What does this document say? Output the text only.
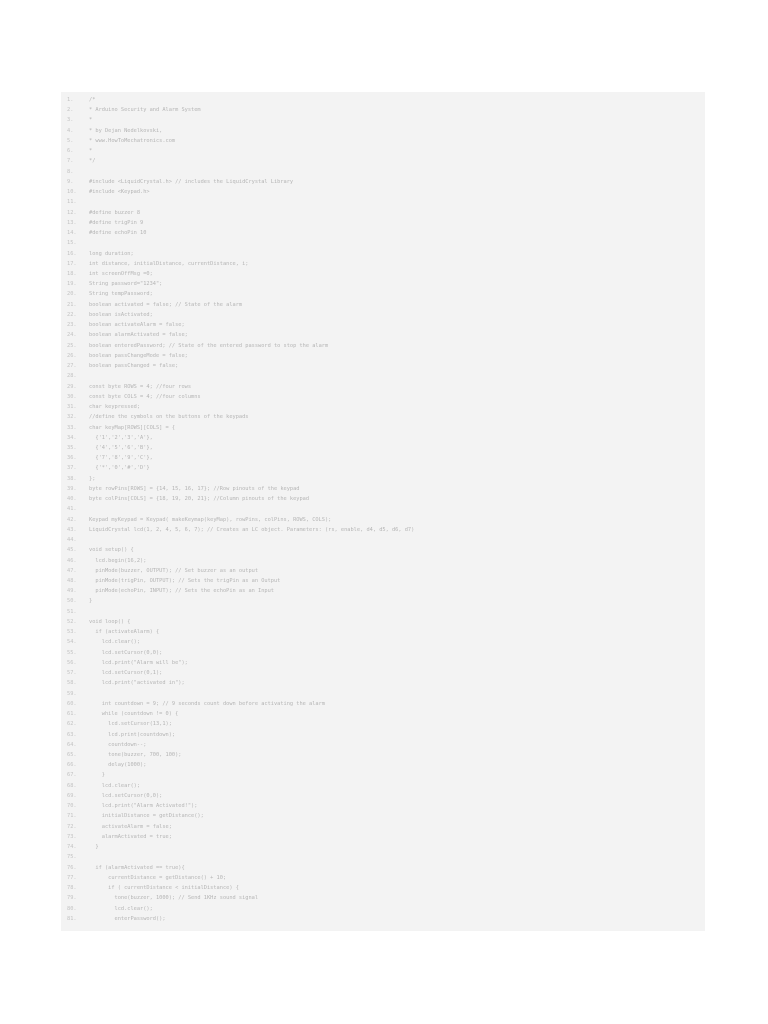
1.	/*
2.	* Arduino Security and Alarm System
3.	*
4.	* by Dejan Nedelkovski,
5.	* www.HowToMechatronics.com
6.	*
7.	*/
8.
9.	#include <LiquidCrystal.h> // includes the LiquidCrystal Library
10.	#include <Keypad.h>
11.
12.	#define buzzer 8
13.	#define trigPin 9
14.	#define echoPin 10
15.
16.	long duration;
17.	int distance, initialDistance, currentDistance, i;
18.	int screenOffMsg =0;
19.	String password="1234";
20.	String tempPassword;
21.	boolean activated = false; // State of the alarm
22.	boolean isActivated;
23.	boolean activateAlarm = false;
24.	boolean alarmActivated = false;
25.	boolean enteredPassword; // State of the entered password to stop the alarm
26.	boolean passChangeMode = false;
27.	boolean passChanged = false;
28.
29.	const byte ROWS = 4; //four rows
30.	const byte COLS = 4; //four columns
31.	char keypressed;
32.	//define the cymbols on the buttons of the keypads
33.	char keyMap[ROWS][COLS] = {
34.	{'1','2','3','A'},
35.	{'4','5','6','B'},
36.	{'7','8','9','C'},
37.	{'*','0','#','D'}
38.	};
39.	byte rowPins[ROWS] = {14, 15, 16, 17}; //Row pinouts of the keypad
40.	byte colPins[COLS] = {18, 19, 20, 21}; //Column pinouts of the keypad
41.
42.	Keypad myKeypad = Keypad( makeKeymap(keyMap), rowPins, colPins, ROWS, COLS);
43.	LiquidCrystal lcd(1, 2, 4, 5, 6, 7); // Creates an LC object. Parameters: (rs, enable, d4, d5, d6, d7)
44.
45.	void setup() {
46.	lcd.begin(16,2);
47.	pinMode(buzzer, OUTPUT); // Set buzzer as an output
48.	pinMode(trigPin, OUTPUT); // Sets the trigPin as an Output
49.	pinMode(echoPin, INPUT); // Sets the echoPin as an Input
50.	}
51.
52.	void loop() {
53.	if (activateAlarm) {
54.	lcd.clear();
55.	lcd.setCursor(0,0);
56.	lcd.print("Alarm will be");
57.	lcd.setCursor(0,1);
58.	lcd.print("activated in");
59.
60.	int countdown = 9; // 9 seconds count down before activating the alarm
61.	while (countdown != 0) {
62.	lcd.setCursor(13,1);
63.	lcd.print(countdown);
64.	countdown--;
65.	tone(buzzer, 700, 100);
66.	delay(1000);
67.	}
68.	lcd.clear();
69.	lcd.setCursor(0,0);
70.	lcd.print("Alarm Activated!");
71.	initialDistance = getDistance();
72.	activateAlarm = false;
73.	alarmActivated = true;
74.	}
75.
76.	if (alarmActivated == true){
77.	currentDistance = getDistance() + 10;
78.	if ( currentDistance < initialDistance) {
79.	tone(buzzer, 1000); // Send 1KHz sound signal
80.	lcd.clear();
81.	enterPassword();
